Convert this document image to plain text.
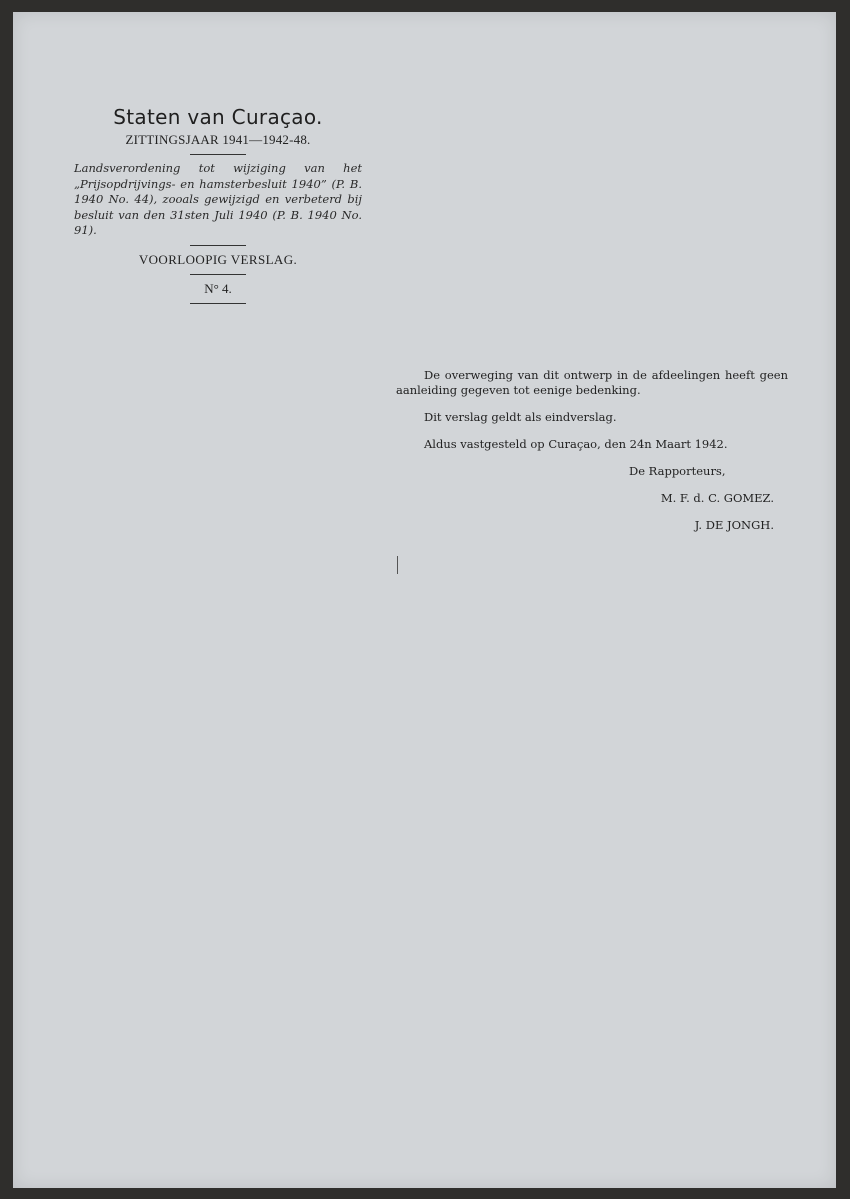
Staten van Curaçao.
ZITTINGSJAAR 1941—1942-48.

Landsverordening tot wijziging van het „Prijsopdrijvings- en hamsterbesluit 1940” (P. B. 1940 No. 44), zooals gewijzigd en verbeterd bij besluit van den 31sten Juli 1940 (P. B. 1940 No. 91).

VOORLOOPIG VERSLAG.
N° 4.

De overweging van dit ontwerp in de afdeelingen heeft geen aanleiding gegeven tot eenige bedenking.

Dit verslag geldt als eindverslag.

Aldus vastgesteld op Curaçao, den 24n Maart 1942.

De Rapporteurs,

M. F. d. C. GOMEZ.

J. DE JONGH.
